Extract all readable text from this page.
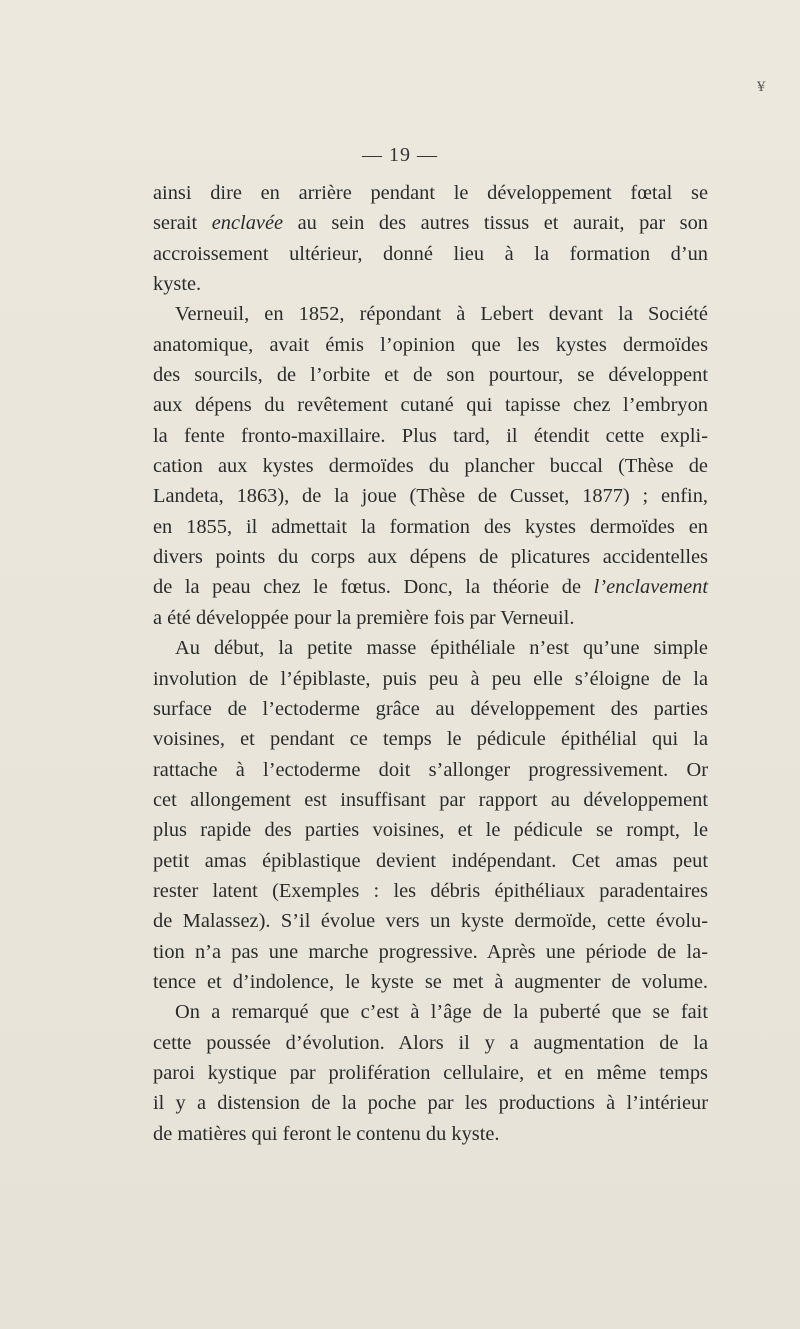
¥
— 19 —
ainsi dire en arrière pendant le développement fœtal se
serait enclavée au sein des autres tissus et aurait, par son
accroissement ultérieur, donné lieu à la formation d’un
kyste.
Verneuil, en 1852, répondant à Lebert devant la Société
anatomique, avait émis l’opinion que les kystes dermoïdes
des sourcils, de l’orbite et de son pourtour, se développent
aux dépens du revêtement cutané qui tapisse chez l’embryon
la fente fronto-maxillaire. Plus tard, il étendit cette expli-
cation aux kystes dermoïdes du plancher buccal (Thèse de
Landeta, 1863), de la joue (Thèse de Cusset, 1877) ; enfin,
en 1855, il admettait la formation des kystes dermoïdes en
divers points du corps aux dépens de plicatures accidentelles
de la peau chez le fœtus. Donc, la théorie de l’enclavement
a été développée pour la première fois par Verneuil.
Au début, la petite masse épithéliale n’est qu’une simple
involution de l’épiblaste, puis peu à peu elle s’éloigne de la
surface de l’ectoderme grâce au développement des parties
voisines, et pendant ce temps le pédicule épithélial qui la
rattache à l’ectoderme doit s’allonger progressivement. Or
cet allongement est insuffisant par rapport au développement
plus rapide des parties voisines, et le pédicule se rompt, le
petit amas épiblastique devient indépendant. Cet amas peut
rester latent (Exemples : les débris épithéliaux paradentaires
de Malassez). S’il évolue vers un kyste dermoïde, cette évolu-
tion n’a pas une marche progressive. Après une période de la-
tence et d’indolence, le kyste se met à augmenter de volume.
On a remarqué que c’est à l’âge de la puberté que se fait
cette poussée d’évolution. Alors il y a augmentation de la
paroi kystique par prolifération cellulaire, et en même temps
il y a distension de la poche par les productions à l’intérieur
de matières qui feront le contenu du kyste.
